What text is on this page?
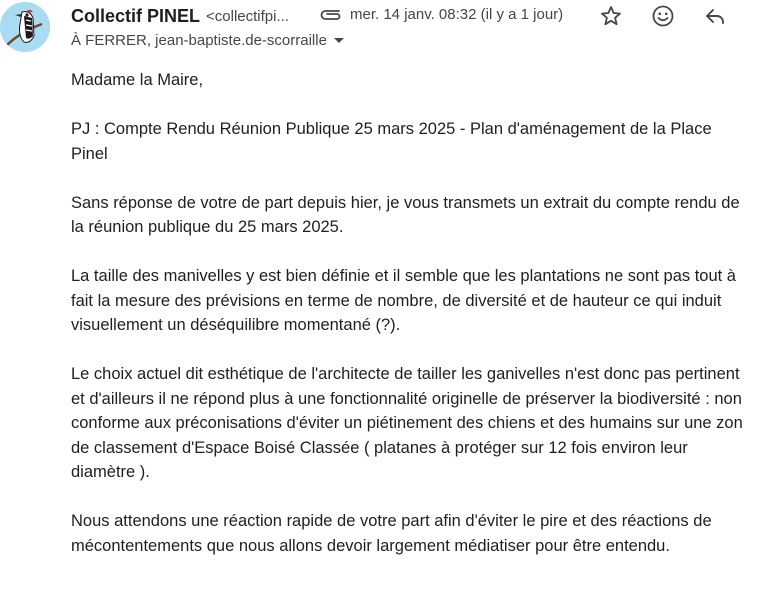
Collectif PINEL <collectifpi...	mer. 14 janv. 08:32 (il y a 1 jour)
À FERRER, jean-baptiste.de-scorraille

Madame la Maire,

PJ : Compte Rendu Réunion Publique 25 mars 2025 - Plan d'aménagement de la Place
Pinel

Sans réponse de votre de part depuis hier, je vous transmets un extrait du compte rendu de
la réunion publique du 25 mars 2025.

La taille des manivelles y est bien définie et il semble que les plantations ne sont pas tout à
fait la mesure des prévisions en terme de nombre, de diversité et de hauteur ce qui induit
visuellement un déséquilibre momentané (?).

Le choix actuel dit esthétique de l'architecte de tailler les ganivelles n'est donc pas pertinent
et d'ailleurs il ne répond plus à une fonctionnalité originelle de préserver la biodiversité : non
conforme aux préconisations d'éviter un piétinement des chiens et des humains sur une zon
de classement d'Espace Boisé Classée ( platanes à protéger sur 12 fois environ leur
diamètre ).

Nous attendons une réaction rapide de votre part afin d'éviter le pire et des réactions de
mécontentements que nous allons devoir largement médiatiser pour être entendu.
